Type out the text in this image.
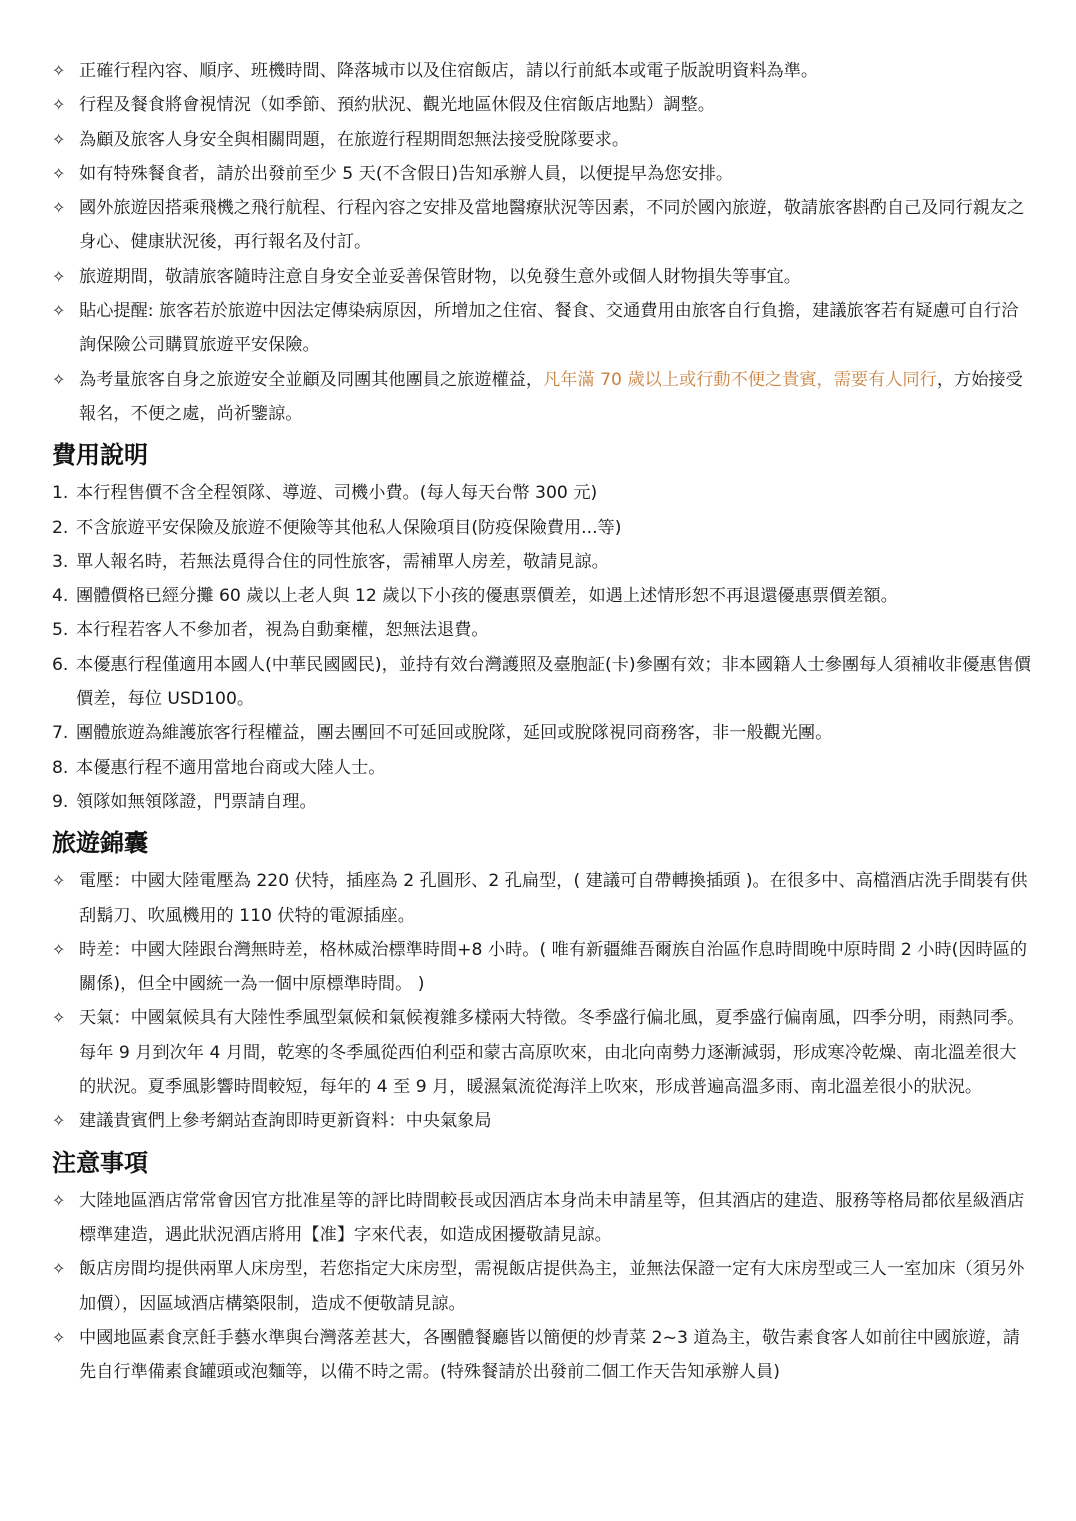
✧ 正確行程內容、順序、班機時間、降落城市以及住宿飯店，請以行前紙本或電子版說明資料為準。
✧ 行程及餐食將會視情況（如季節、預約狀況、觀光地區休假及住宿飯店地點）調整。
✧ 為顧及旅客人身安全與相關問題，在旅遊行程期間恕無法接受脫隊要求。
✧ 如有特殊餐食者，請於出發前至少 5 天(不含假日)告知承辦人員，以便提早為您安排。
✧ 國外旅遊因搭乘飛機之飛行航程、行程內容之安排及當地醫療狀況等因素，不同於國內旅遊，敬請旅客斟酌自己及同行親友之身心、健康狀況後，再行報名及付訂。
✧ 旅遊期間，敬請旅客隨時注意自身安全並妥善保管財物，以免發生意外或個人財物損失等事宜。
✧ 貼心提醒: 旅客若於旅遊中因法定傳染病原因，所增加之住宿、餐食、交通費用由旅客自行負擔，建議旅客若有疑慮可自行洽詢保險公司購買旅遊平安保險。
✧ 為考量旅客自身之旅遊安全並顧及同團其他團員之旅遊權益，凡年滿 70 歲以上或行動不便之貴賓，需要有人同行，方始接受報名，不便之處，尚祈鑒諒。
費用說明
1. 本行程售價不含全程領隊、導遊、司機小費。(每人每天台幣 300 元)
2. 不含旅遊平安保險及旅遊不便險等其他私人保險項目(防疫保險費用...等)
3. 單人報名時，若無法覓得合住的同性旅客，需補單人房差，敬請見諒。
4. 團體價格已經分攤 60 歲以上老人與 12 歲以下小孩的優惠票價差，如遇上述情形恕不再退還優惠票價差額。
5. 本行程若客人不參加者，視為自動棄權，恕無法退費。
6. 本優惠行程僅適用本國人(中華民國國民)，並持有效台灣護照及臺胞証(卡)參團有效；非本國籍人士參團每人須補收非優惠售價價差，每位 USD100。
7. 團體旅遊為維護旅客行程權益，團去團回不可延回或脫隊，延回或脫隊視同商務客，非一般觀光團。
8. 本優惠行程不適用當地台商或大陸人士。
9. 領隊如無領隊證，門票請自理。
旅遊錦囊
✧ 電壓：中國大陸電壓為 220 伏特，插座為 2 孔圓形、2 孔扁型，( 建議可自帶轉換插頭 )。在很多中、高檔酒店洗手間裝有供刮鬍刀、吹風機用的 110 伏特的電源插座。
✧ 時差：中國大陸跟台灣無時差，格林威治標準時間+8 小時。( 唯有新疆維吾爾族自治區作息時間晚中原時間 2 小時(因時區的關係)，但全中國統一為一個中原標準時間。 )
✧ 天氣：中國氣候具有大陸性季風型氣候和氣候複雜多樣兩大特徵。冬季盛行偏北風，夏季盛行偏南風，四季分明，雨熱同季。每年 9 月到次年 4 月間，乾寒的冬季風從西伯利亞和蒙古高原吹來，由北向南勢力逐漸減弱，形成寒冷乾燥、南北溫差很大的狀況。夏季風影響時間較短，每年的 4 至 9 月，暖濕氣流從海洋上吹來，形成普遍高溫多雨、南北溫差很小的狀況。
✧ 建議貴賓們上參考網站查詢即時更新資料：中央氣象局
注意事項
✧ 大陸地區酒店常常會因官方批准星等的評比時間較長或因酒店本身尚未申請星等，但其酒店的建造、服務等格局都依星級酒店標準建造，遇此狀況酒店將用【准】字來代表，如造成困擾敬請見諒。
✧ 飯店房間均提供兩單人床房型，若您指定大床房型，需視飯店提供為主，並無法保證一定有大床房型或三人一室加床（須另外加價），因區域酒店構築限制，造成不便敬請見諒。
✧ 中國地區素食烹飪手藝水準與台灣落差甚大，各團體餐廳皆以簡便的炒青菜 2~3 道為主，敬告素食客人如前往中國旅遊，請先自行準備素食罐頭或泡麵等，以備不時之需。(特殊餐請於出發前二個工作天告知承辦人員)
